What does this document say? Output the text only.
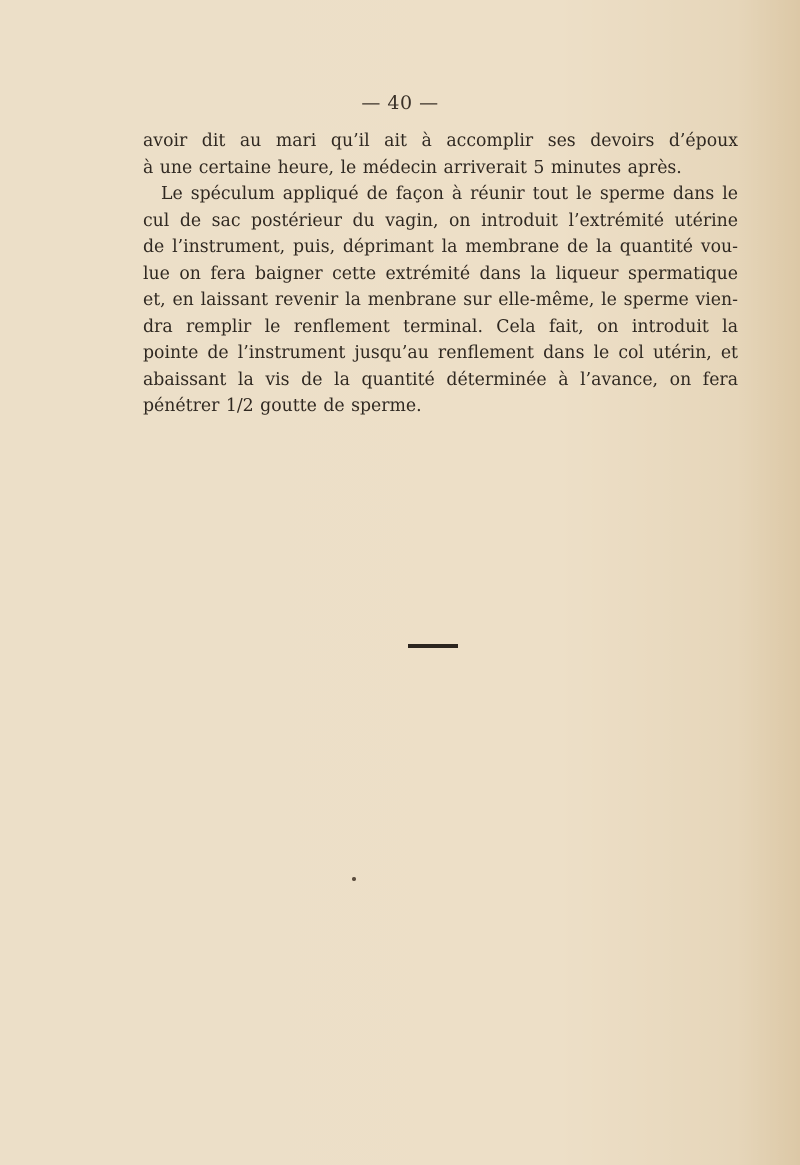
— 40 —
avoir dit au mari qu’il ait à accomplir ses devoirs d’époux
à une certaine heure, le médecin arriverait 5 minutes après.
Le spéculum appliqué de façon à réunir tout le sperme dans le
cul de sac postérieur du vagin, on introduit l’extrémité utérine
de l’instrument, puis, déprimant la membrane de la quantité vou-
lue on fera baigner cette extrémité dans la liqueur spermatique
et, en laissant revenir la menbrane sur elle-même, le sperme vien-
dra remplir le renflement terminal. Cela fait, on introduit la
pointe de l’instrument jusqu’au renflement dans le col utérin, et
abaissant la vis de la quantité déterminée à l’avance, on fera
pénétrer 1/2 goutte de sperme.
